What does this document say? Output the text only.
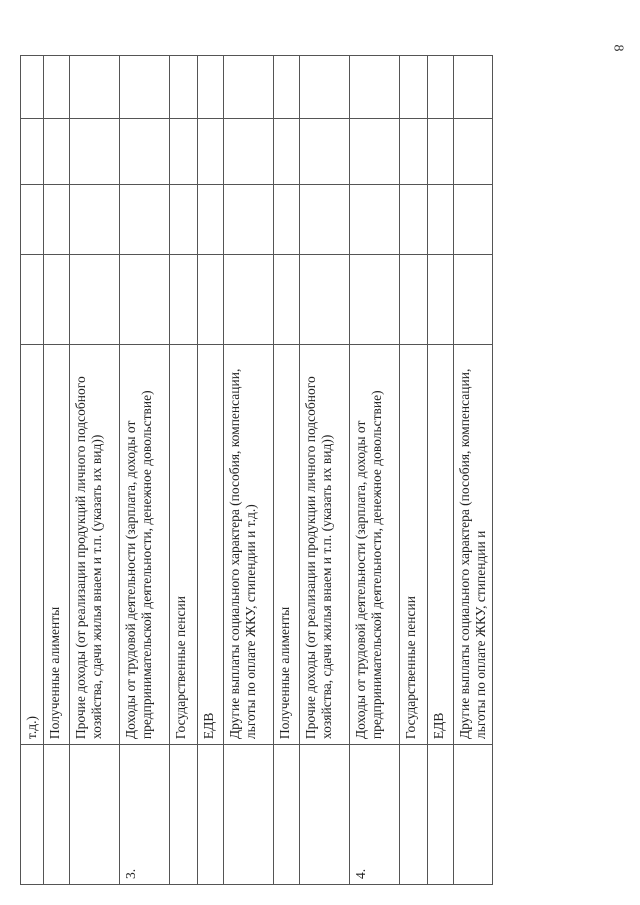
8
	т.д.)				
	Полученные алименты				
	Прочие доходы (от реализации продукций личного подсобного хозяйства, сдачи жилья внаем и т.п. (указать их вид))				
3.	Доходы от трудовой деятельности (зарплата, доходы от предпринимательской деятельности, денежное довольствие)				
	Государственные пенсии				
	ЕДВ				
	Другие выплаты социального характера (пособия, компенсации, льготы по оплате ЖКУ, стипендии и т.д.)				
	Полученные алименты				
	Прочие доходы (от реализации продукции личного подсобного хозяйства, сдачи жилья внаем и т.п. (указать их вид))				
4.	Доходы от трудовой деятельности (зарплата, доходы от предпринимательской деятельности, денежное довольствие)				
	Государственные пенсии				
	ЕДВ				
	Другие выплаты социального характера (пособия, компенсации, льготы по оплате ЖКУ, стипендии и				
